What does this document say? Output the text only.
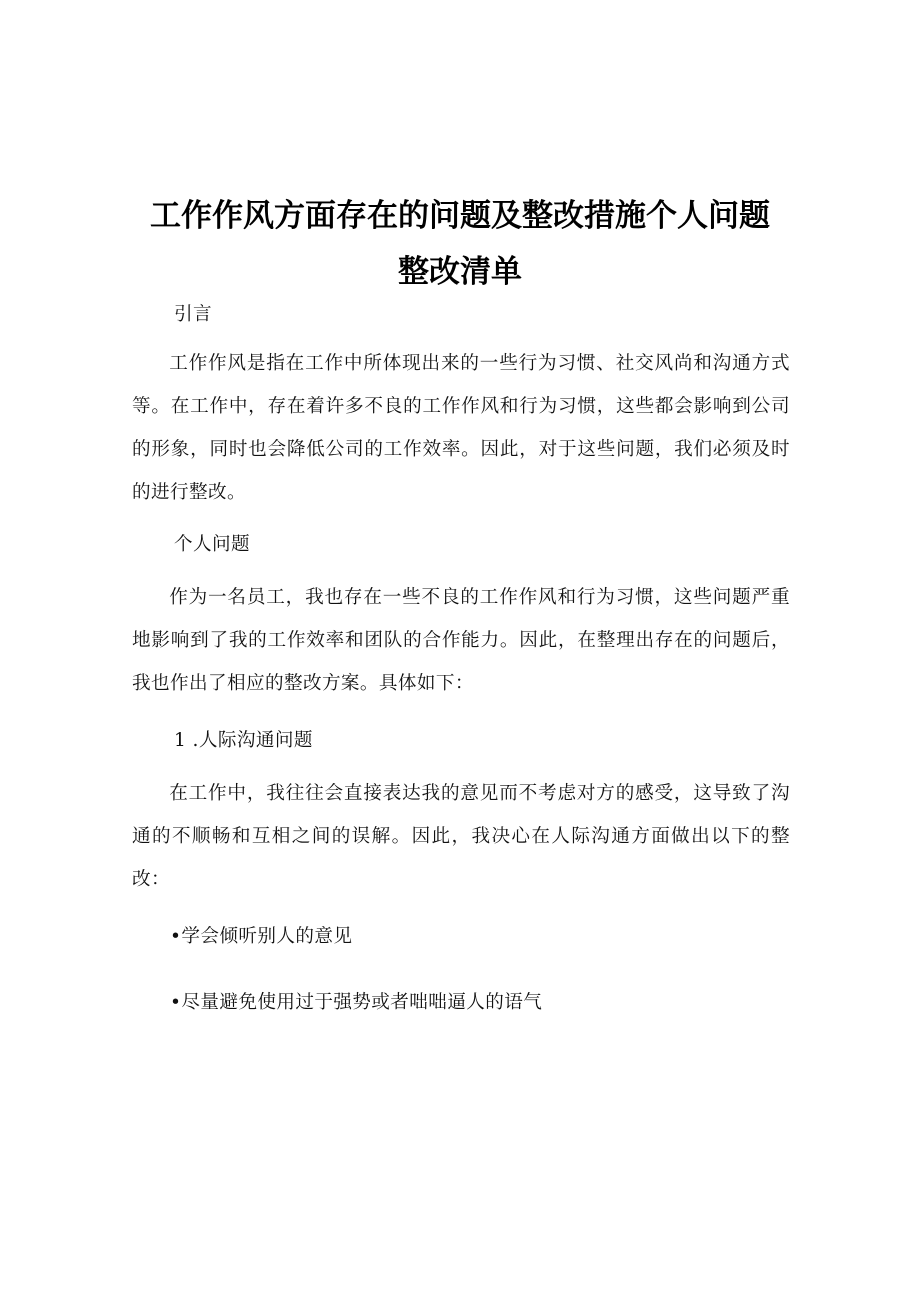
工作作风方面存在的问题及整改措施个人问题
整改清单

引言

工作作风是指在工作中所体现出来的一些行为习惯、社交风尚和沟通方式等。在工作中，存在着许多不良的工作作风和行为习惯，这些都会影响到公司的形象，同时也会降低公司的工作效率。因此，对于这些问题，我们必须及时的进行整改。

个人问题

作为一名员工，我也存在一些不良的工作作风和行为习惯，这些问题严重地影响到了我的工作效率和团队的合作能力。因此，在整理出存在的问题后，我也作出了相应的整改方案。具体如下：

1 .人际沟通问题

在工作中，我往往会直接表达我的意见而不考虑对方的感受，这导致了沟通的不顺畅和互相之间的误解。因此，我决心在人际沟通方面做出以下的整改：

•学会倾听别人的意见

•尽量避免使用过于强势或者咄咄逼人的语气
